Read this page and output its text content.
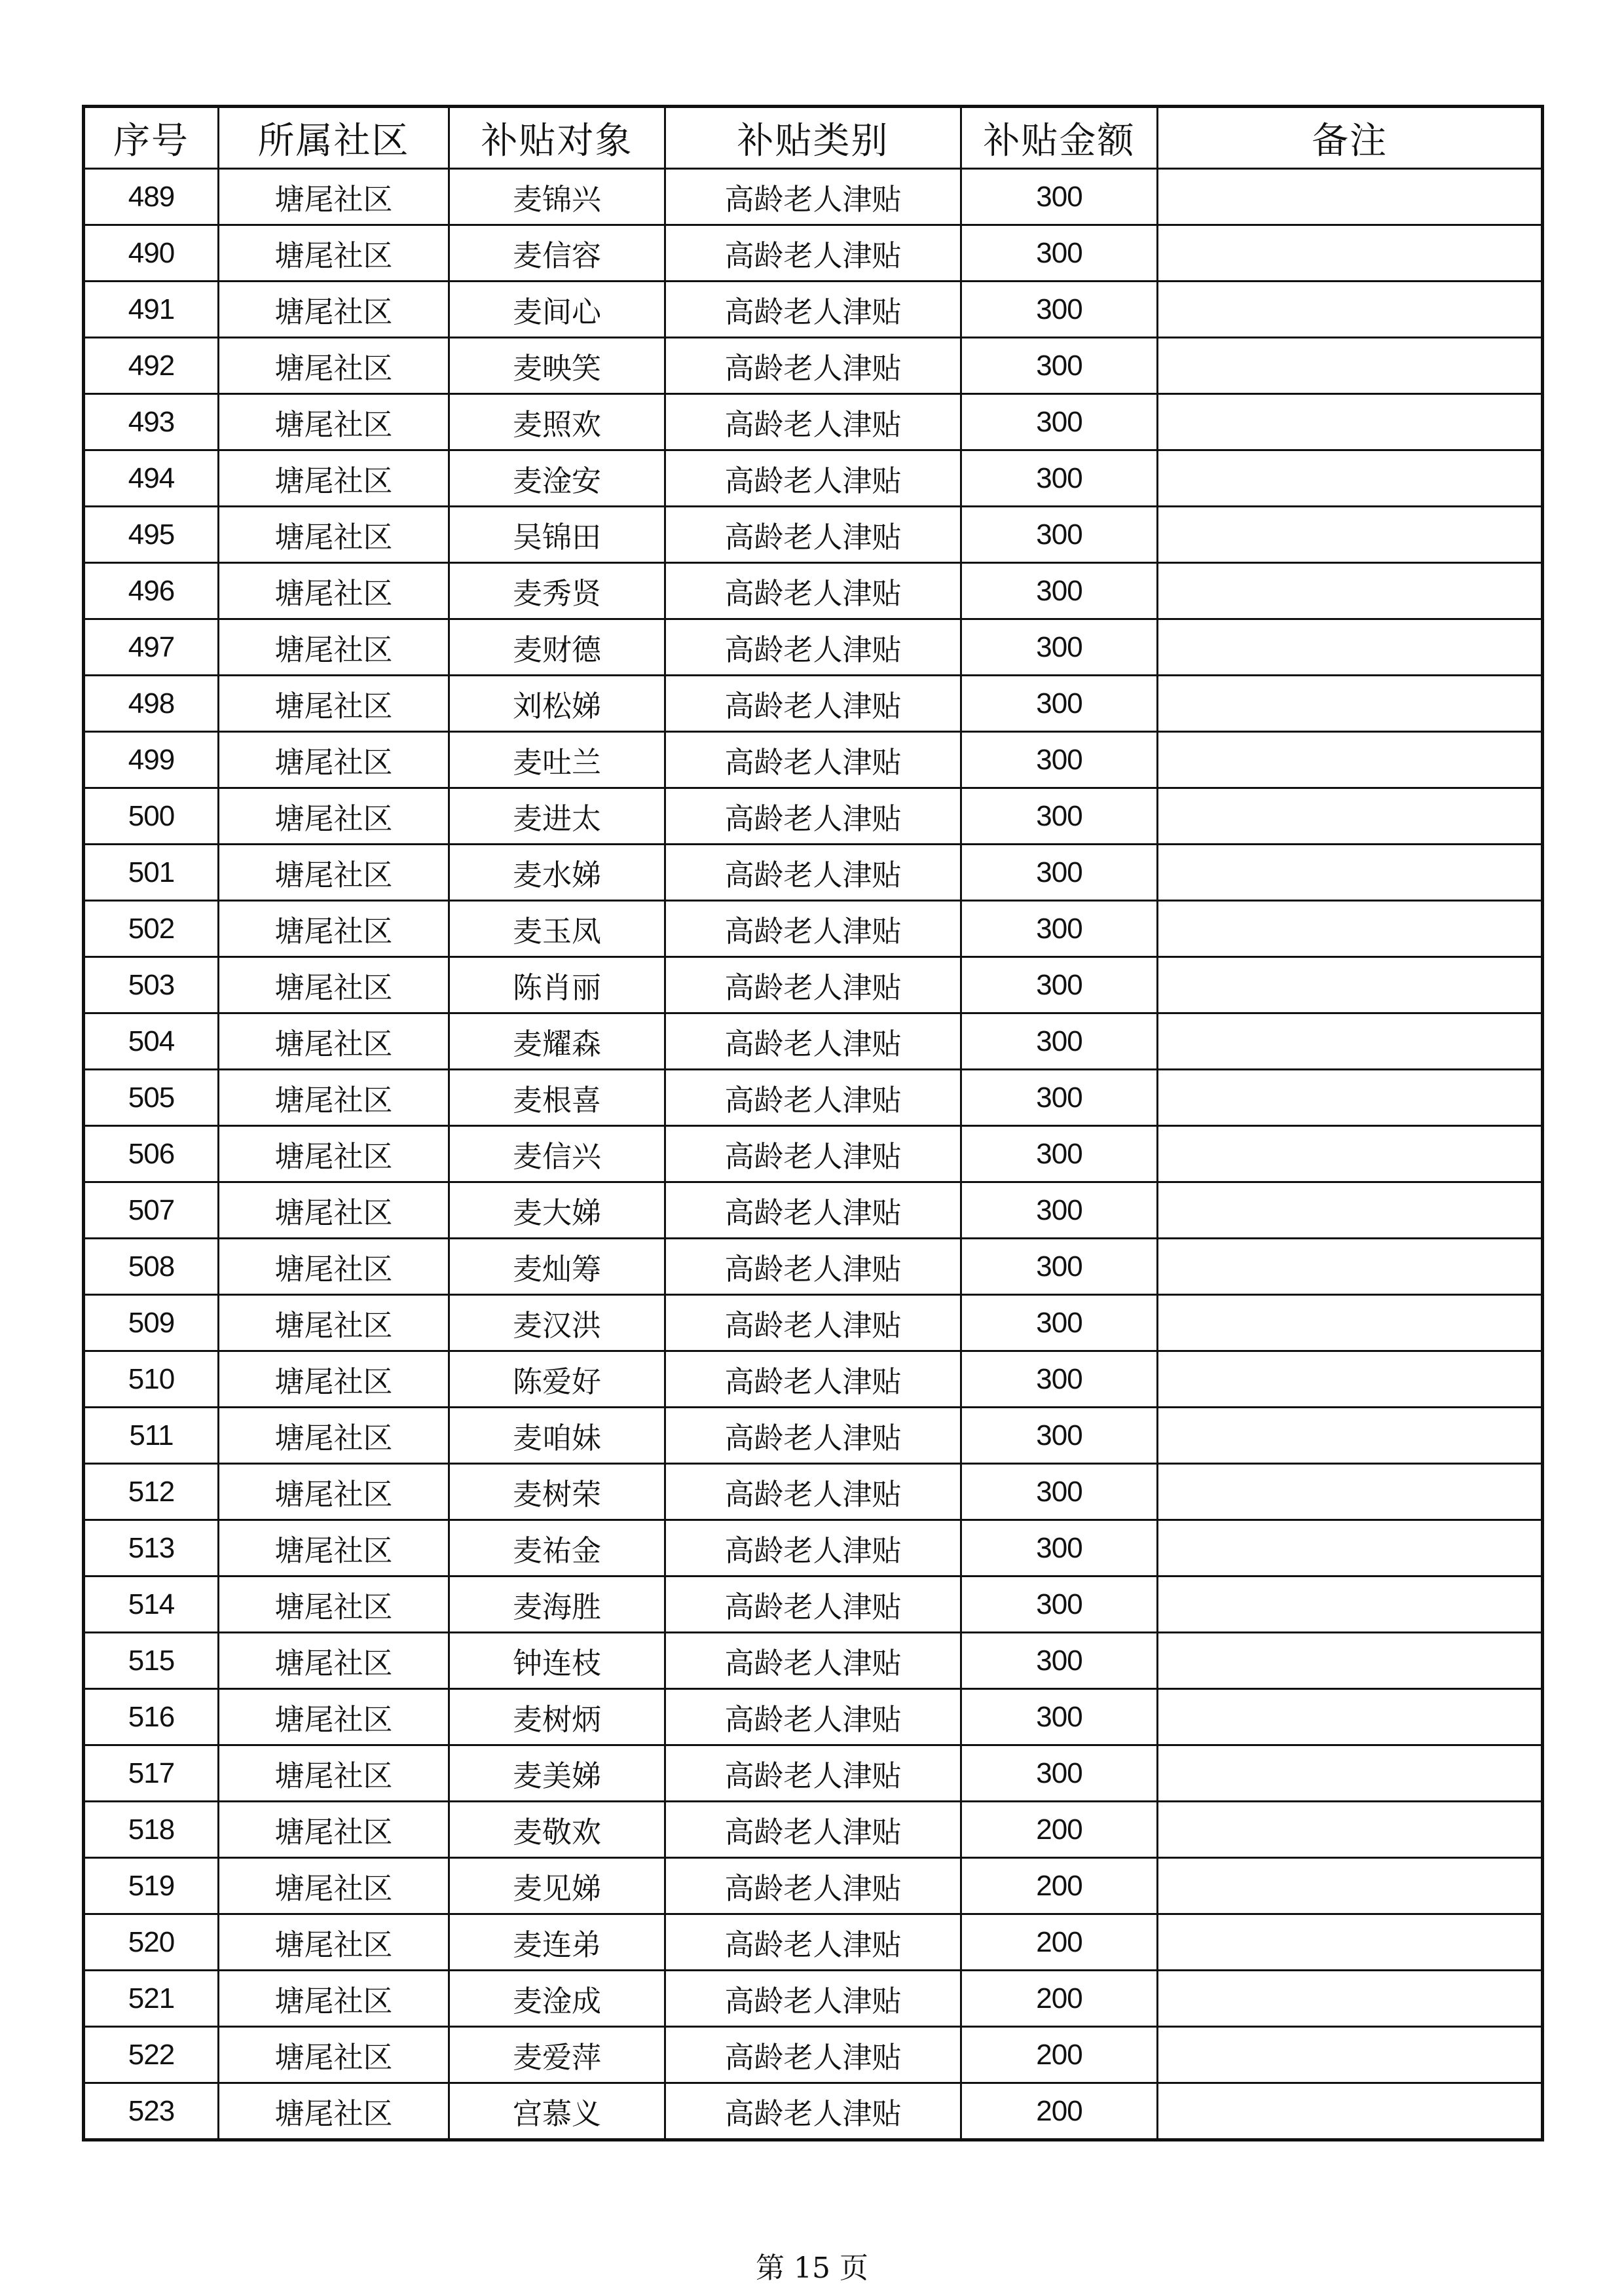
序号	所属社区	补贴对象	补贴类别	补贴金额	备注
489	塘尾社区	麦锦兴	高龄老人津贴	300	
490	塘尾社区	麦信容	高龄老人津贴	300	
491	塘尾社区	麦间心	高龄老人津贴	300	
492	塘尾社区	麦映笑	高龄老人津贴	300	
493	塘尾社区	麦照欢	高龄老人津贴	300	
494	塘尾社区	麦淦安	高龄老人津贴	300	
495	塘尾社区	吴锦田	高龄老人津贴	300	
496	塘尾社区	麦秀贤	高龄老人津贴	300	
497	塘尾社区	麦财德	高龄老人津贴	300	
498	塘尾社区	刘松娣	高龄老人津贴	300	
499	塘尾社区	麦吐兰	高龄老人津贴	300	
500	塘尾社区	麦进太	高龄老人津贴	300	
501	塘尾社区	麦水娣	高龄老人津贴	300	
502	塘尾社区	麦玉凤	高龄老人津贴	300	
503	塘尾社区	陈肖丽	高龄老人津贴	300	
504	塘尾社区	麦耀森	高龄老人津贴	300	
505	塘尾社区	麦根喜	高龄老人津贴	300	
506	塘尾社区	麦信兴	高龄老人津贴	300	
507	塘尾社区	麦大娣	高龄老人津贴	300	
508	塘尾社区	麦灿筹	高龄老人津贴	300	
509	塘尾社区	麦汉洪	高龄老人津贴	300	
510	塘尾社区	陈爱好	高龄老人津贴	300	
511	塘尾社区	麦咱妹	高龄老人津贴	300	
512	塘尾社区	麦树荣	高龄老人津贴	300	
513	塘尾社区	麦祐金	高龄老人津贴	300	
514	塘尾社区	麦海胜	高龄老人津贴	300	
515	塘尾社区	钟连枝	高龄老人津贴	300	
516	塘尾社区	麦树炳	高龄老人津贴	300	
517	塘尾社区	麦美娣	高龄老人津贴	300	
518	塘尾社区	麦敬欢	高龄老人津贴	200	
519	塘尾社区	麦见娣	高龄老人津贴	200	
520	塘尾社区	麦连弟	高龄老人津贴	200	
521	塘尾社区	麦淦成	高龄老人津贴	200	
522	塘尾社区	麦爱萍	高龄老人津贴	200	
523	塘尾社区	宫慕义	高龄老人津贴	200	
第 15 页
